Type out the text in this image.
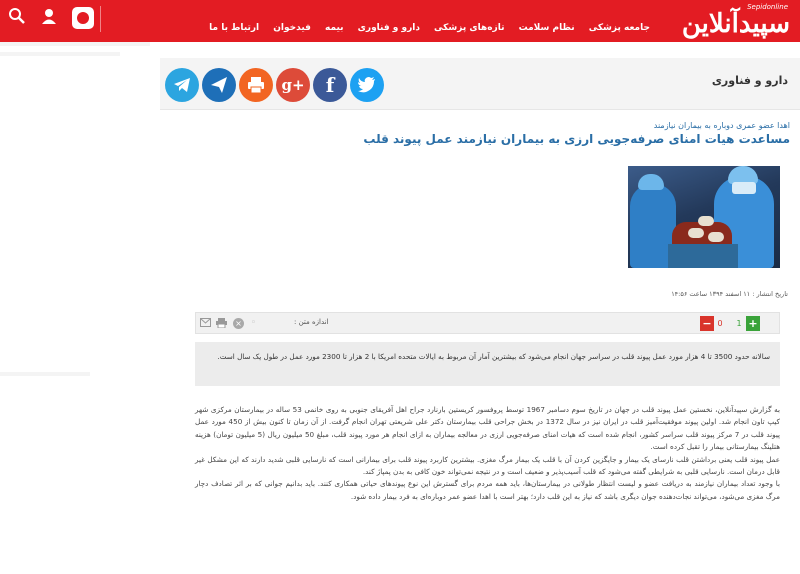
جامعه پزشکی نظام سلامت تازه‌های پزشکی دارو و فناوری بیمه فیدخوان ارتباط با ما
Sepidonline
سپیدآنلاین
g+	f	دارو و فناوری
اهدا عضو عمری دوباره به بیماران نیازمند
مساعدت هیات امنای صرفه‌جویی ارزی به بیماران نیازمند عمل پیوند قلب
تاریخ انتشار : ۱۱ اسفند ۱۳۹۴ ساعت ۱۴:۵۶
×	◦	اندازه متن :	− 0	1 +
سالانه حدود 3500 تا 4 هزار مورد عمل پیوند قلب در سراسر جهان انجام می‌شود که بیشترین آمار آن مربوط به ایالات متحده امریکا با 2 هزار تا 2300 مورد عمل در طول یک سال است.

به گزارش سپیدآنلاین، نخستین عمل پیوند قلب در جهان در تاریخ سوم دسامبر 1967 توسط پروفسور کریستین بارنارد جراح اهل آفریقای جنوبی به روی خانمی 53 ساله در بیمارستان مرکزی شهر کیپ تاون انجام شد. اولین پیوند موفقیت‌آمیز قلب در ایران نیز در سال 1372 در بخش جراحی قلب بیمارستان دکتر علی شریعتی تهران انجام گرفت. از آن زمان تا کنون بیش از 450 مورد عمل پیوند قلب در 7 مرکز پیوند قلب سراسر کشور، انجام شده است که هیات امنای صرفه‌جویی ارزی در معالجه بیماران به ازای انجام هر مورد پیوند قلب، مبلغ 50 میلیون ریال (5 میلیون تومان) هزینه هتلینگ بیمارستانی بیمار را تقبل کرده است.

عمل پیوند قلب یعنی برداشتن قلب نارسای یک بیمار و جایگزین کردن آن با قلب یک بیمار مرگ مغزی. بیشترین کاربرد پیوند قلب برای بیمارانی است که نارسایی قلبی شدید دارند که این مشکل غیر قابل درمان است. نارسایی قلبی به شرایطی گفته می‌شود که قلب آسیب‌پذیر و ضعیف است و در نتیجه نمی‌تواند خون کافی به بدن پمپاژ کند.

با وجود تعداد بیماران نیازمند به دریافت عضو و لیست انتظار طولانی در بیمارستان‌ها، باید همه مردم برای گسترش این نوع پیوندهای حیاتی همکاری کنند. باید بدانیم جوانی که بر اثر تصادف دچار مرگ مغزی می‌شود، می‌تواند نجات‌دهنده جوان دیگری باشد که نیاز به این قلب دارد؛ بهتر است با اهدا عضو عمر دوباره‌ای به فرد بیمار داده شود.
